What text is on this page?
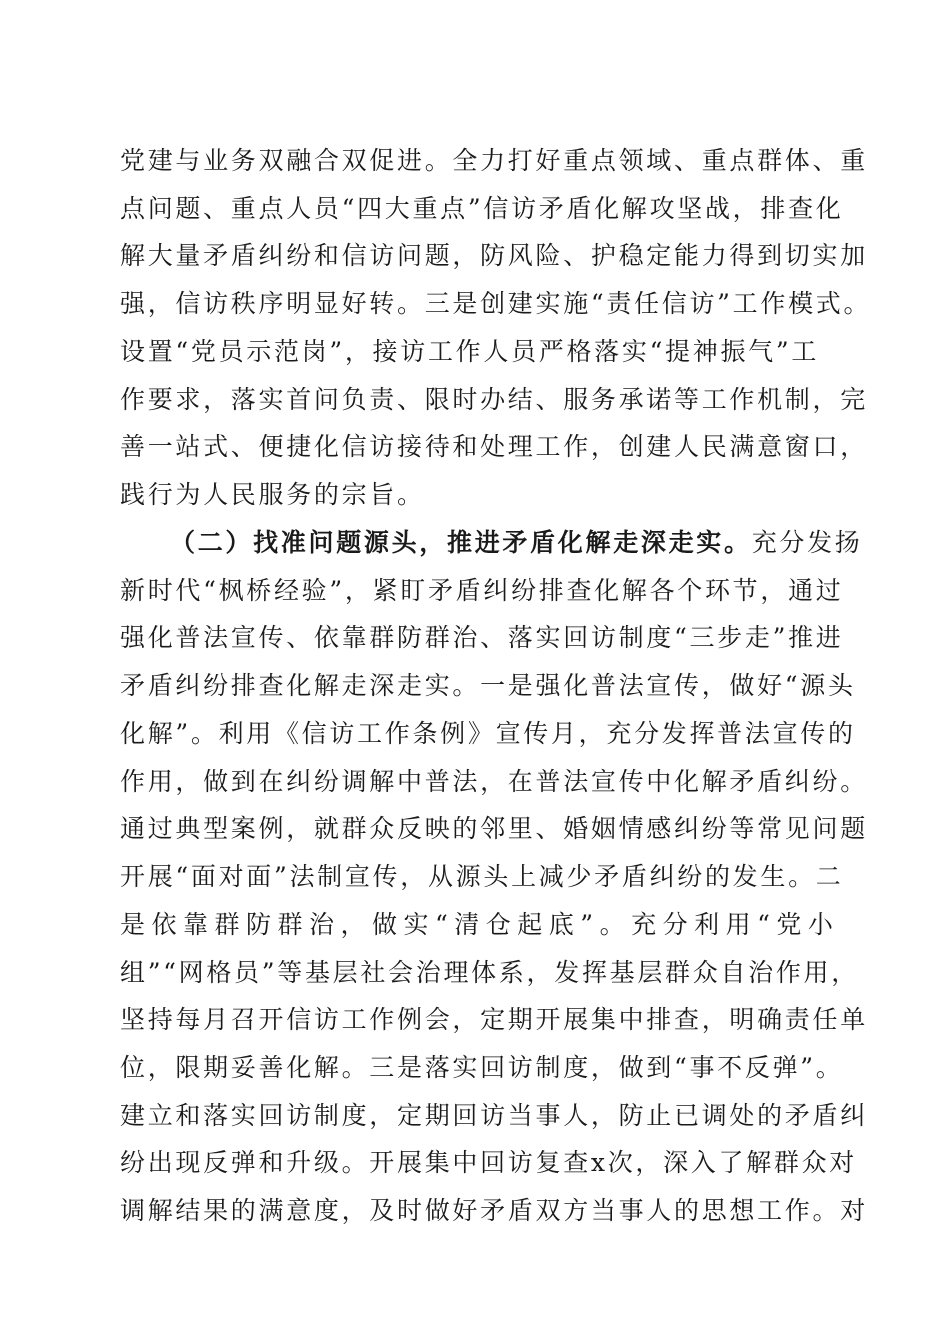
党建与业务双融合双促进。全力打好重点领域、重点群体、重
点问题、重点人员“四大重点”信访矛盾化解攻坚战，排查化
解大量矛盾纠纷和信访问题，防风险、护稳定能力得到切实加
强，信访秩序明显好转。三是创建实施“责任信访”工作模式。
设置“党员示范岗”，接访工作人员严格落实“提神振气”工
作要求，落实首问负责、限时办结、服务承诺等工作机制，完
善一站式、便捷化信访接待和处理工作，创建人民满意窗口，
践行为人民服务的宗旨。
（二）找准问题源头，推进矛盾化解走深走实。充分发扬
新时代“枫桥经验”，紧盯矛盾纠纷排查化解各个环节，通过
强化普法宣传、依靠群防群治、落实回访制度“三步走”推进
矛盾纠纷排查化解走深走实。一是强化普法宣传，做好“源头
化解”。利用《信访工作条例》宣传月，充分发挥普法宣传的
作用，做到在纠纷调解中普法，在普法宣传中化解矛盾纠纷。
通过典型案例，就群众反映的邻里、婚姻情感纠纷等常见问题
开展“面对面”法制宣传，从源头上减少矛盾纠纷的发生。二
是依靠群防群治，做实“清仓起底”。充分利用“党小
组”“网格员”等基层社会治理体系，发挥基层群众自治作用，
坚持每月召开信访工作例会，定期开展集中排查，明确责任单
位，限期妥善化解。三是落实回访制度，做到“事不反弹”。
建立和落实回访制度，定期回访当事人，防止已调处的矛盾纠
纷出现反弹和升级。开展集中回访复查x次，深入了解群众对
调解结果的满意度，及时做好矛盾双方当事人的思想工作。对
